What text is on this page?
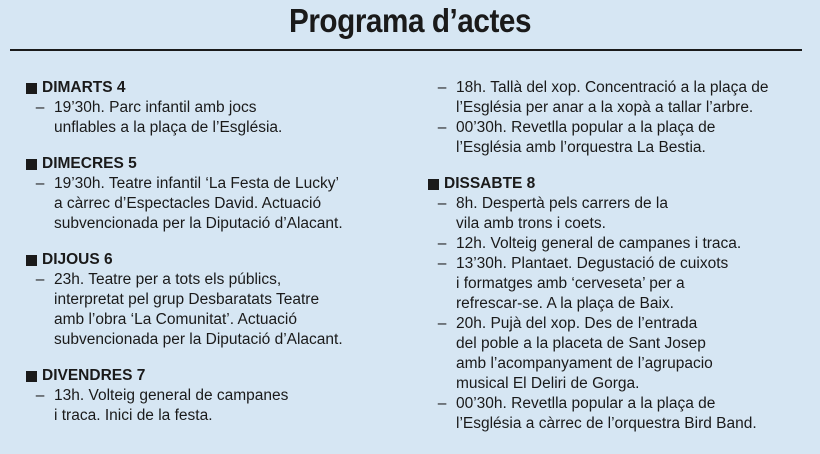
Programa d’actes
DIMARTS 4
– 19’30h. Parc infantil amb jocs
unflables a la plaça de l’Església.
DIMECRES 5
– 19’30h. Teatre infantil ‘La Festa de Lucky’
a càrrec d’Espectacles David. Actuació
subvencionada per la Diputació d’Alacant.
DIJOUS 6
– 23h. Teatre per a tots els públics,
interpretat pel grup Desbaratats Teatre
amb l’obra ‘La Comunitat’. Actuació
subvencionada per la Diputació d’Alacant.
DIVENDRES 7
– 13h. Volteig general de campanes
i traca. Inici de la festa.
– 18h. Tallà del xop. Concentració a la plaça de
l’Església per anar a la xopà a tallar l’arbre.
– 00’30h. Revetlla popular a la plaça de
l’Església amb l’orquestra La Bestia.
DISSABTE 8
– 8h. Despertà pels carrers de la
vila amb trons i coets.
– 12h. Volteig general de campanes i traca.
– 13’30h. Plantaet. Degustació de cuixots
i formatges amb ‘cerveseta’ per a
refrescar-se. A la plaça de Baix.
– 20h. Pujà del xop. Des de l’entrada
del poble a la placeta de Sant Josep
amb l’acompanyament de l’agrupacio
musical El Deliri de Gorga.
– 00’30h. Revetlla popular a la plaça de
l’Església a càrrec de l’orquestra Bird Band.
